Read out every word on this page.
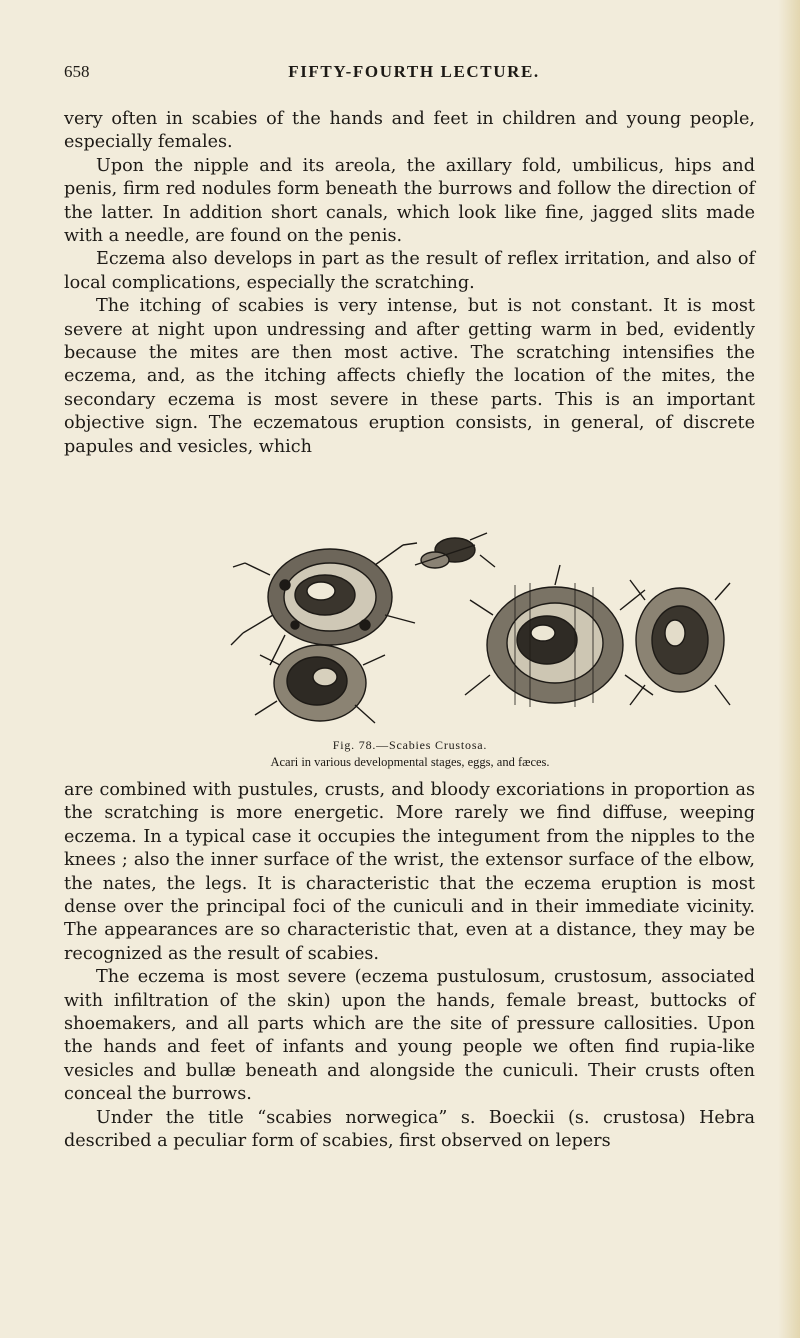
658	FIFTY-FOURTH LECTURE.

very often in scabies of the hands and feet in children and young people, especially females.

Upon the nipple and its areola, the axillary fold, umbilicus, hips and penis, firm red nodules form beneath the burrows and follow the direction of the latter. In addition short canals, which look like fine, jagged slits made with a needle, are found on the penis.

Eczema also develops in part as the result of reflex irritation, and also of local complications, especially the scratching.

The itching of scabies is very intense, but is not constant. It is most severe at night upon undressing and after getting warm in bed, evidently because the mites are then most active. The scratching intensifies the eczema, and, as the itching affects chiefly the location of the mites, the secondary eczema is most severe in these parts. This is an important objective sign. The eczematous eruption consists, in general, of discrete papules and vesicles, which

Fig. 78.—Scabies Crustosa.
Acari in various developmental stages, eggs, and fæces.

are combined with pustules, crusts, and bloody excoriations in proportion as the scratching is more energetic. More rarely we find diffuse, weeping eczema. In a typical case it occupies the integument from the nipples to the knees ; also the inner surface of the wrist, the extensor surface of the elbow, the nates, the legs. It is characteristic that the eczema eruption is most dense over the principal foci of the cuniculi and in their immediate vicinity. The appearances are so characteristic that, even at a distance, they may be recognized as the result of scabies.

The eczema is most severe (eczema pustulosum, crustosum, associated with infiltration of the skin) upon the hands, female breast, buttocks of shoemakers, and all parts which are the site of pressure callosities. Upon the hands and feet of infants and young people we often find rupia-like vesicles and bullæ beneath and alongside the cuniculi. Their crusts often conceal the burrows.

Under the title “scabies norwegica” s. Boeckii (s. crustosa) Hebra described a peculiar form of scabies, first observed on lepers
